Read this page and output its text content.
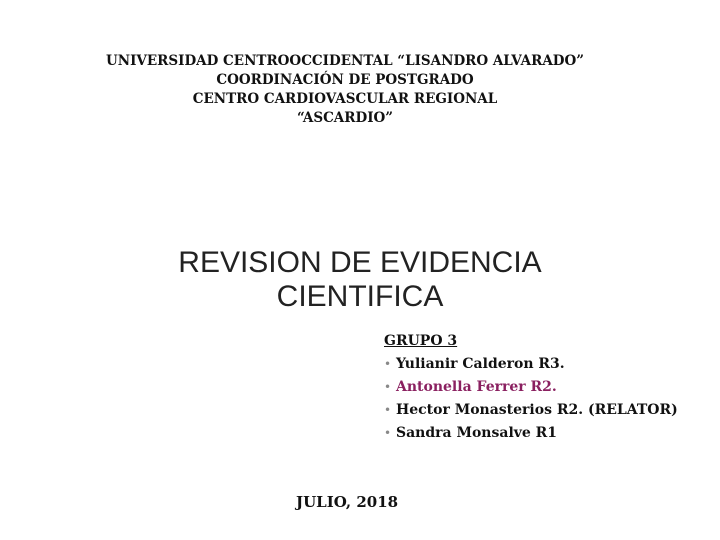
UNIVERSIDAD CENTROOCCIDENTAL “LISANDRO ALVARADO”
COORDINACIÓN DE POSTGRADO
CENTRO CARDIOVASCULAR REGIONAL
“ASCARDIO”
REVISION DE EVIDENCIA
CIENTIFICA
GRUPO 3
• Yulianir Calderon R3.
• Antonella Ferrer R2.
• Hector Monasterios R2. (RELATOR)
• Sandra Monsalve R1
JULIO, 2018
